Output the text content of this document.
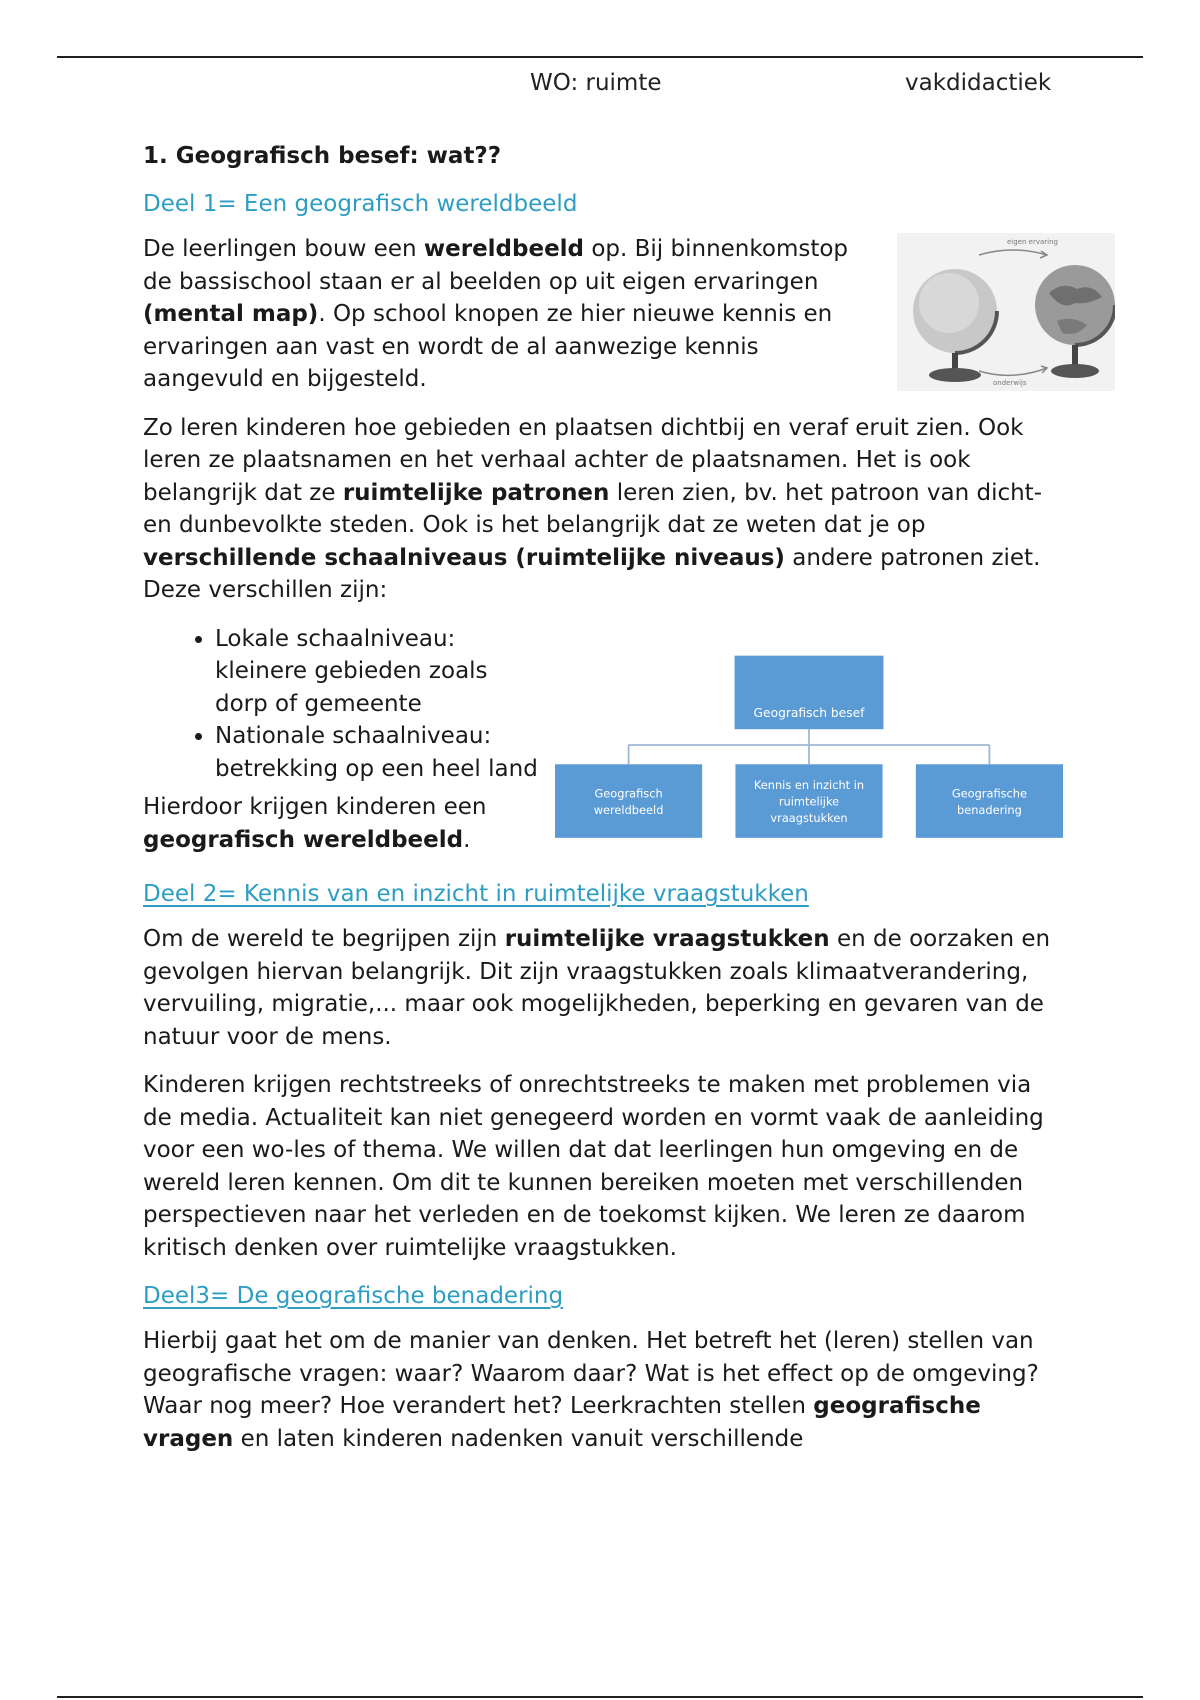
WO: ruimte	vakdidactiek
1. Geografisch besef: wat??
Deel 1= Een geografisch wereldbeeld
eigen ervaring
onderwijs

De leerlingen bouw een wereldbeeld op. Bij binnenkomstop de bassischool staan er al beelden op uit eigen ervaringen (mental map). Op school knopen ze hier nieuwe kennis en ervaringen aan vast en wordt de al aanwezige kennis aangevuld en bijgesteld.

Zo leren kinderen hoe gebieden en plaatsen dichtbij en veraf eruit zien. Ook leren ze plaatsnamen en het verhaal achter de plaatsnamen. Het is ook belangrijk dat ze ruimtelijke patronen leren zien, bv. het patroon van dicht- en dunbevolkte steden. Ook is het belangrijk dat ze weten dat je op verschillende schaalniveaus (ruimtelijke niveaus) andere patronen ziet. Deze verschillen zijn:

• Lokale schaalniveau: kleinere gebieden zoals dorp of gemeente
• Nationale schaalniveau: betrekking op een heel land

Hierdoor krijgen kinderen een geografisch wereldbeeld.

Geografisch besef
Geografisch
wereldbeeld
Kennis en inzicht in
ruimtelijke
vraagstukken
Geografische
benadering
Deel 2= Kennis van en inzicht in ruimtelijke vraagstukken

Om de wereld te begrijpen zijn ruimtelijke vraagstukken en de oorzaken en gevolgen hiervan belangrijk. Dit zijn vraagstukken zoals klimaatverandering, vervuiling, migratie,... maar ook mogelijkheden, beperking en gevaren van de natuur voor de mens.

Kinderen krijgen rechtstreeks of onrechtstreeks te maken met problemen via de media. Actualiteit kan niet genegeerd worden en vormt vaak de aanleiding voor een wo-les of thema. We willen dat dat leerlingen hun omgeving en de wereld leren kennen. Om dit te kunnen bereiken moeten met verschillenden perspectieven naar het verleden en de toekomst kijken. We leren ze daarom kritisch denken over ruimtelijke vraagstukken.

Deel3= De geografische benadering

Hierbij gaat het om de manier van denken. Het betreft het (leren) stellen van geografische vragen: waar? Waarom daar? Wat is het effect op de omgeving? Waar nog meer? Hoe verandert het? Leerkrachten stellen geografische vragen en laten kinderen nadenken vanuit verschillende
